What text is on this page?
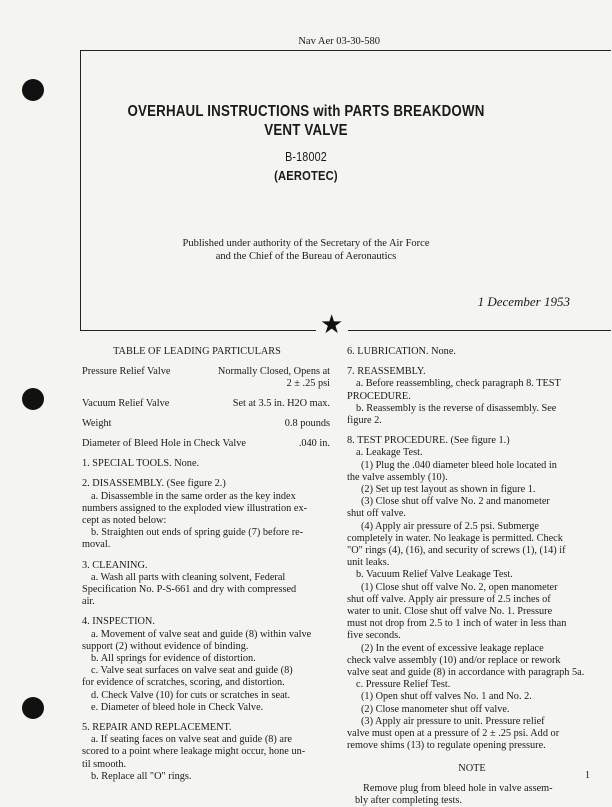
Nav Aer 03-30-580
★
OVERHAUL INSTRUCTIONS with PARTS BREAKDOWN
VENT VALVE
B-18002
(AEROTEC)
Published under authority of the Secretary of the Air Force
and the Chief of the Bureau of Aeronautics
1 December 1953

TABLE OF LEADING PARTICULARS

Pressure Relief Valve	Normally Closed, Opens at

2 ± .25 psi

Vacuum Relief Valve	Set at 3.5 in. H2O max.
Weight	0.8 pounds
Diameter of Bleed Hole in Check Valve	.040 in.

1. SPECIAL TOOLS. None.

2. DISASSEMBLY. (See figure 2.)

a. Disassemble in the same order as the key index

numbers assigned to the exploded view illustration ex-

cept as noted below:

b. Straighten out ends of spring guide (7) before re-

moval.

3. CLEANING.

a. Wash all parts with cleaning solvent, Federal

Specification No. P-S-661 and dry with compressed

air.

4. INSPECTION.

a. Movement of valve seat and guide (8) within valve

support (2) without evidence of binding.

b. All springs for evidence of distortion.

c. Valve seat surfaces on valve seat and guide (8)

for evidence of scratches, scoring, and distortion.

d. Check Valve (10) for cuts or scratches in seat.

e. Diameter of bleed hole in Check Valve.

5. REPAIR AND REPLACEMENT.

a. If seating faces on valve seat and guide (8) are

scored to a point where leakage might occur, hone un-

til smooth.

b. Replace all "O" rings.

6. LUBRICATION. None.

7. REASSEMBLY.

a. Before reassembling, check paragraph 8. TEST

PROCEDURE.

b. Reassembly is the reverse of disassembly. See

figure 2.

8. TEST PROCEDURE. (See figure 1.)

a. Leakage Test.

(1) Plug the .040 diameter bleed hole located in

the valve assembly (10).

(2) Set up test layout as shown in figure 1.

(3) Close shut off valve No. 2 and manometer

shut off valve.

(4) Apply air pressure of 2.5 psi. Submerge

completely in water. No leakage is permitted. Check

"O" rings (4), (16), and security of screws (1), (14) if

unit leaks.

b. Vacuum Relief Valve Leakage Test.

(1) Close shut off valve No. 2, open manometer

shut off valve. Apply air pressure of 2.5 inches of

water to unit. Close shut off valve No. 1. Pressure

must not drop from 2.5 to 1 inch of water in less than

five seconds.

(2) In the event of excessive leakage replace

check valve assembly (10) and/or replace or rework

valve seat and guide (8) in accordance with paragraph 5a.

c. Pressure Relief Test.

(1) Open shut off valves No. 1 and No. 2.

(2) Close manometer shut off valve.

(3) Apply air pressure to unit. Pressure relief

valve must open at a pressure of 2 ± .25 psi. Add or

remove shims (13) to regulate opening pressure.

NOTE

Remove plug from bleed hole in valve assem-

bly after completing tests.

1
